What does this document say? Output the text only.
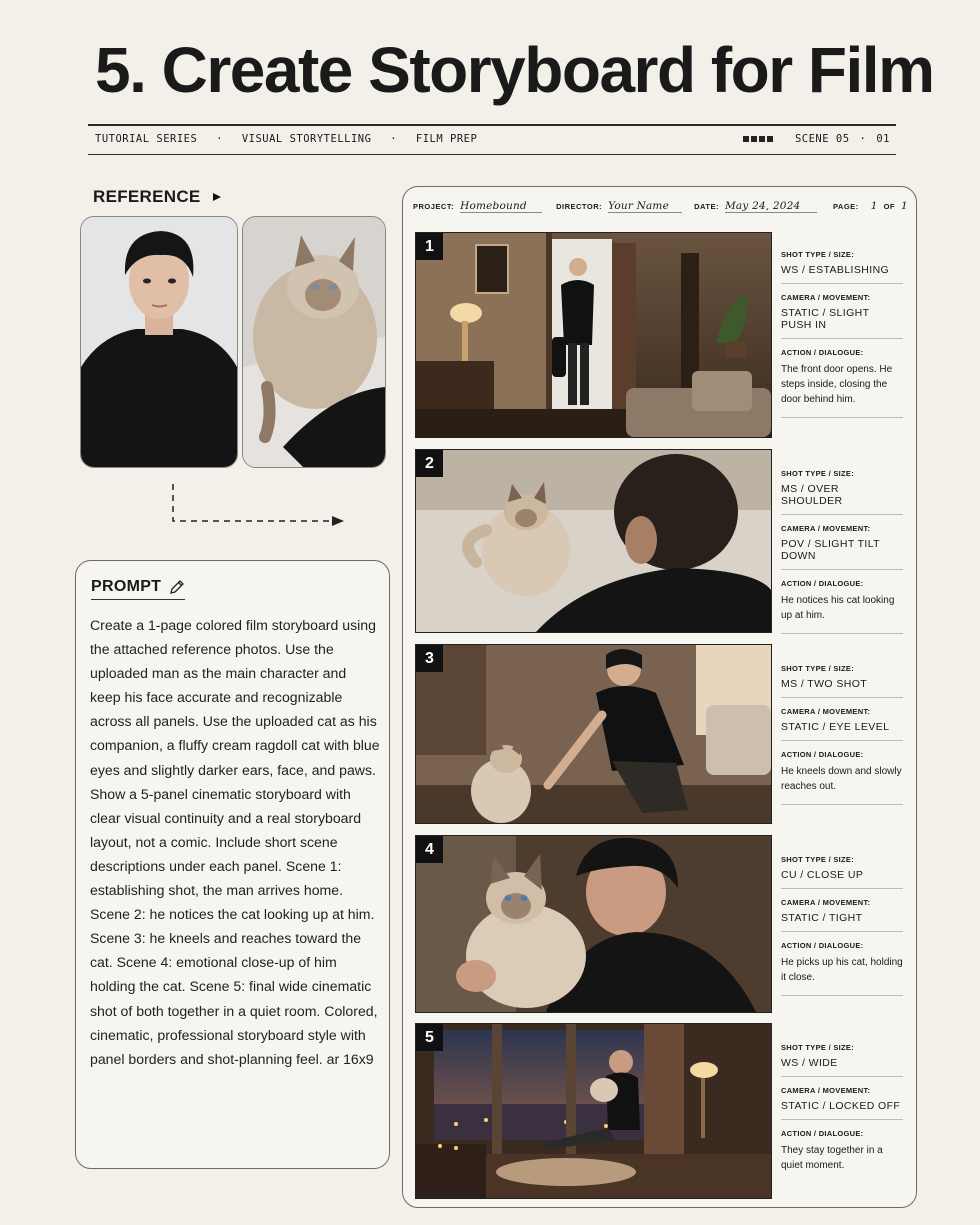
5. Create Storyboard for Film
TUTORIAL SERIES · VISUAL STORYTELLING · FILM PREP	SCENE 05 · 01
REFERENCE
PROMPT
Create a 1-page colored film storyboard using the attached reference photos. Use the uploaded man as the main character and keep his face accurate and recognizable across all panels. Use the uploaded cat as his companion, a fluffy cream ragdoll cat with blue eyes and slightly darker ears, face, and paws. Show a 5-panel cinematic storyboard with clear visual continuity and a real storyboard layout, not a comic. Include short scene descriptions under each panel. Scene 1: establishing shot, the man arrives home. Scene 2: he notices the cat looking up at him. Scene 3: he kneels and reaches toward the cat. Scene 4: emotional close-up of him holding the cat. Scene 5: final wide cinematic shot of both together in a quiet room. Colored, cinematic, professional storyboard style with panel borders and shot-planning feel. ar 16x9
PROJECT: Homebound	DIRECTOR: Your Name	DATE: May 24, 2024	PAGE: 1 OF 1
1	SHOT TYPE / SIZE:
WS / ESTABLISHING
CAMERA / MOVEMENT:
STATIC / SLIGHT PUSH IN
ACTION / DIALOGUE:
The front door opens. He steps inside, closing the door behind him.
2
SHOT TYPE / SIZE:
MS / OVER SHOULDER
CAMERA / MOVEMENT:
POV / SLIGHT TILT DOWN
ACTION / DIALOGUE:
He notices his cat looking up at him.
3
SHOT TYPE / SIZE:
MS / TWO SHOT
CAMERA / MOVEMENT:
STATIC / EYE LEVEL
ACTION / DIALOGUE:
He kneels down and slowly reaches out.
4
SHOT TYPE / SIZE:
CU / CLOSE UP
CAMERA / MOVEMENT:
STATIC / TIGHT
ACTION / DIALOGUE:
He picks up his cat, holding it close.
5
SHOT TYPE / SIZE:
WS / WIDE
CAMERA / MOVEMENT:
STATIC / LOCKED OFF
ACTION / DIALOGUE:
They stay together in a quiet moment.
